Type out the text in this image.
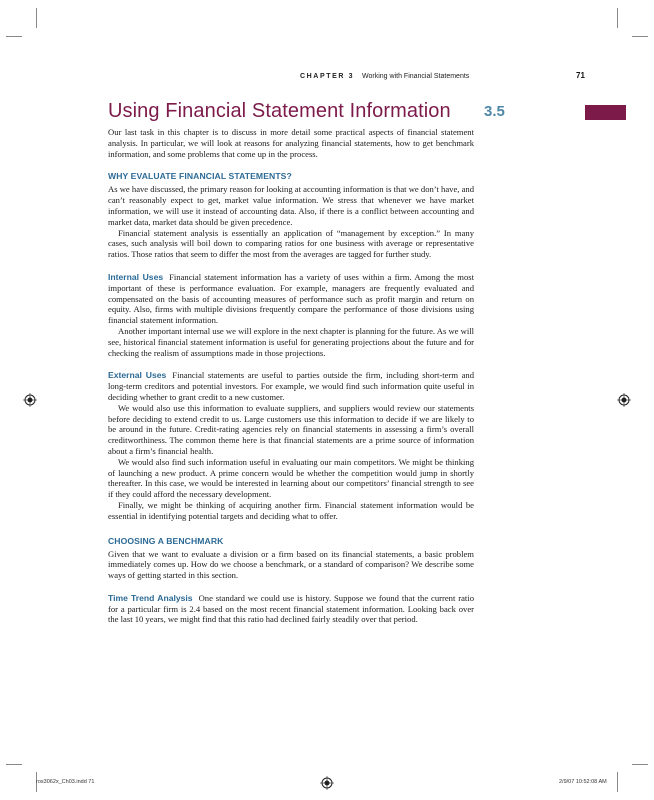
CHAPTER 3 Working with Financial Statements	71
Using Financial Statement Information 3.5

Our last task in this chapter is to discuss in more detail some practical aspects of financial statement analysis. In particular, we will look at reasons for analyzing financial statements, how to get benchmark information, and some problems that come up in the process.

WHY EVALUATE FINANCIAL STATEMENTS?

As we have discussed, the primary reason for looking at accounting information is that we don’t have, and can’t reasonably expect to get, market value information. We stress that whenever we have market information, we will use it instead of accounting data. Also, if there is a conflict between accounting and market data, market data should be given precedence.

Financial statement analysis is essentially an application of “management by exception.” In many cases, such analysis will boil down to comparing ratios for one business with average or representative ratios. Those ratios that seem to differ the most from the averages are tagged for further study.

Internal Uses Financial statement information has a variety of uses within a firm. Among the most important of these is performance evaluation. For example, managers are frequently evaluated and compensated on the basis of accounting measures of performance such as profit margin and return on equity. Also, firms with multiple divisions frequently compare the performance of those divisions using financial statement information.

Another important internal use we will explore in the next chapter is planning for the future. As we will see, historical financial statement information is useful for generating projections about the future and for checking the realism of assumptions made in those projections.

External Uses Financial statements are useful to parties outside the firm, including short-term and long-term creditors and potential investors. For example, we would find such information quite useful in deciding whether to grant credit to a new customer.

We would also use this information to evaluate suppliers, and suppliers would review our statements before deciding to extend credit to us. Large customers use this information to decide if we are likely to be around in the future. Credit-rating agencies rely on financial statements in assessing a firm’s overall creditworthiness. The common theme here is that financial statements are a prime source of information about a firm’s financial health.

We would also find such information useful in evaluating our main competitors. We might be thinking of launching a new product. A prime concern would be whether the competition would jump in shortly thereafter. In this case, we would be interested in learning about our competitors’ financial strength to see if they could afford the necessary development.

Finally, we might be thinking of acquiring another firm. Financial statement information would be essential in identifying potential targets and deciding what to offer.

CHOOSING A BENCHMARK

Given that we want to evaluate a division or a firm based on its financial statements, a basic problem immediately comes up. How do we choose a benchmark, or a standard of comparison? We describe some ways of getting started in this section.

Time Trend Analysis One standard we could use is history. Suppose we found that the current ratio for a particular firm is 2.4 based on the most recent financial statement information. Looking back over the last 10 years, we might find that this ratio had declined fairly steadily over that period.

ros3062x_Ch03.indd 71	2/9/07 10:52:08 AM
